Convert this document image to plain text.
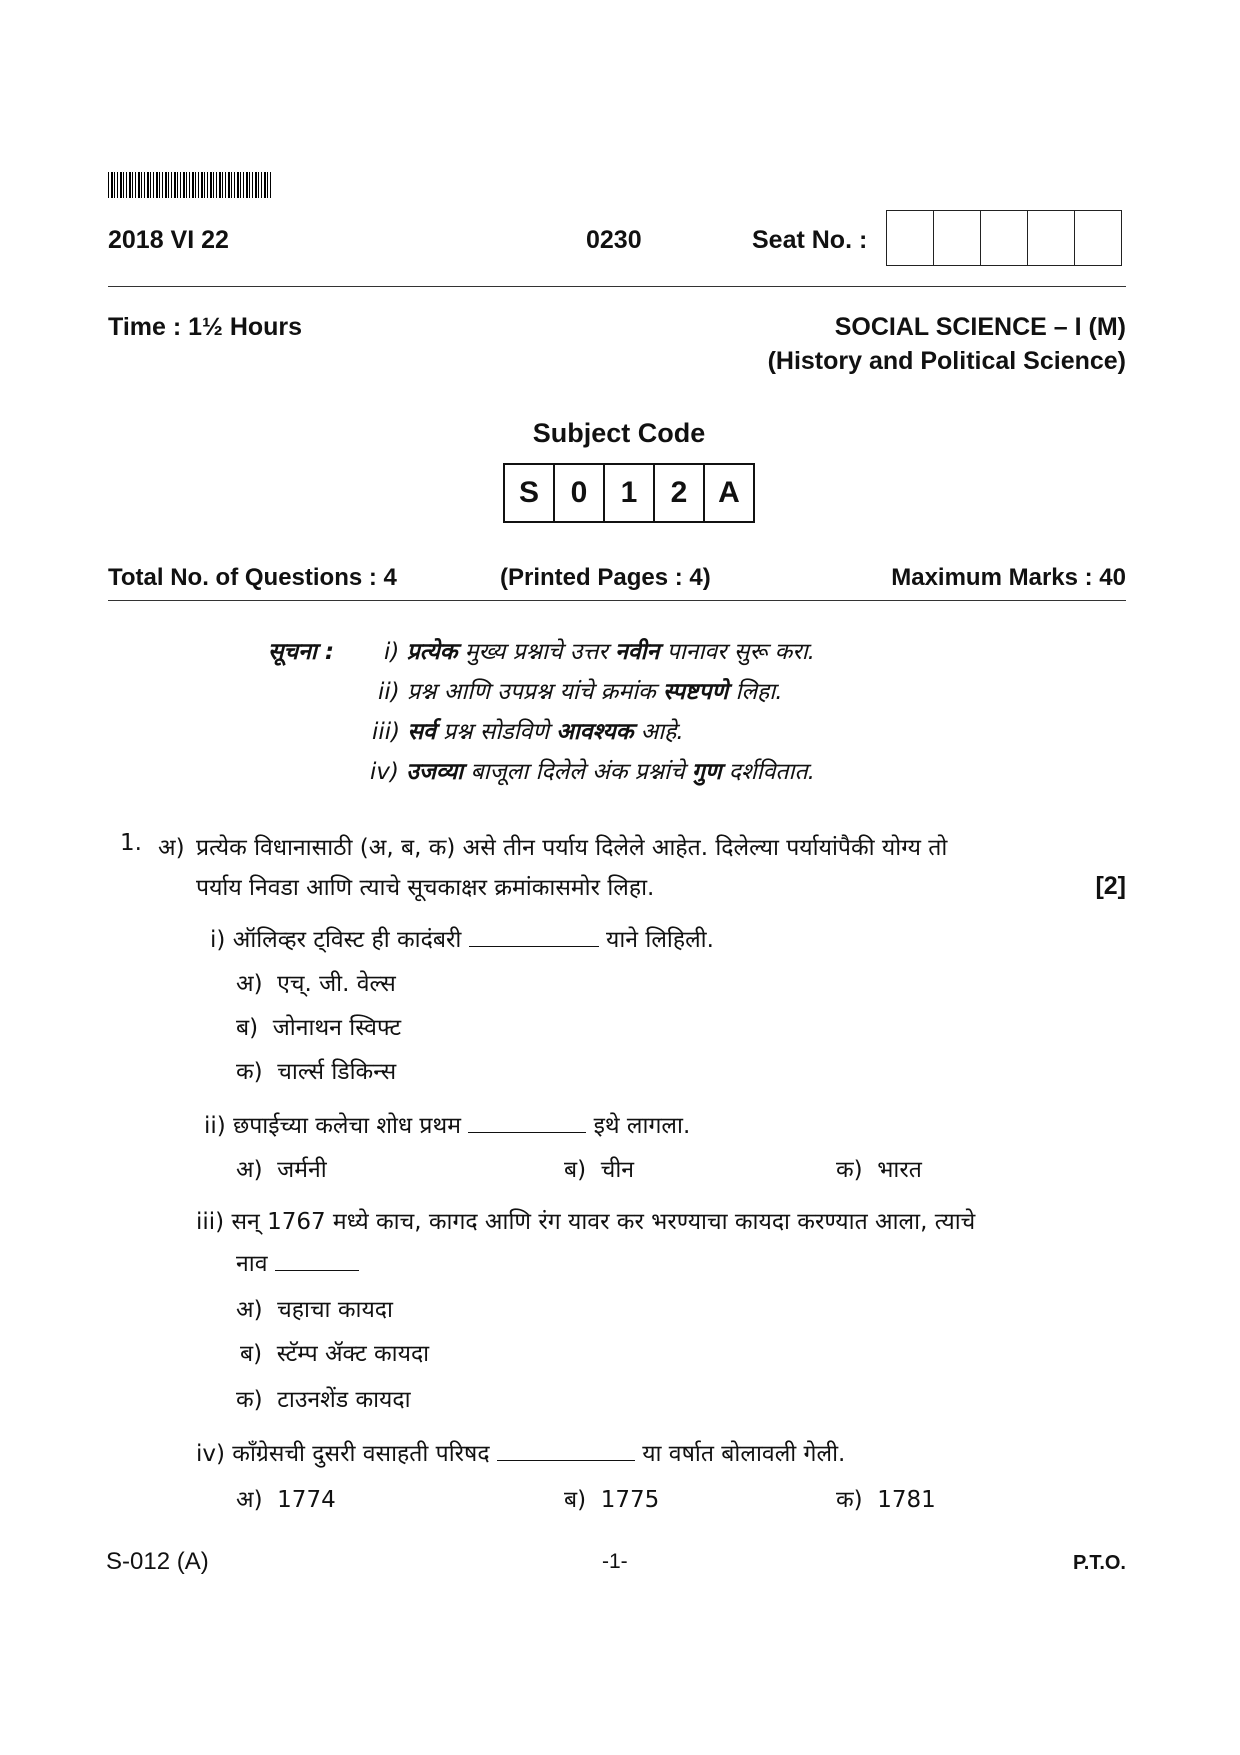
2018 VI 22	0230	Seat No. :
Time : 1½ Hours	SOCIAL SCIENCE – I (M)
(History and Political Science)
Subject Code
S	0	1	2	A
Total No. of Questions : 4	(Printed Pages : 4)	Maximum Marks : 40
सूचना : i) प्रत्येक मुख्य प्रश्नाचे उत्तर नवीन पानावर सुरू करा.
ii) प्रश्न आणि उपप्रश्न यांचे क्रमांक स्पष्टपणे लिहा.
iii) सर्व प्रश्न सोडविणे आवश्यक आहे.
iv) उजव्या बाजूला दिलेले अंक प्रश्नांचे गुण दर्शवितात.
1. अ) प्रत्येक विधानासाठी (अ, ब, क) असे तीन पर्याय दिलेले आहेत. दिलेल्या पर्यायांपैकी योग्य तो
पर्याय निवडा आणि त्याचे सूचकाक्षर क्रमांकासमोर लिहा.	[2]
i) ऑलिव्हर ट्विस्ट ही कादंबरी	याने लिहिली.
अ) एच्. जी. वेल्स
ब) जोनाथन स्विफ्ट
क) चार्ल्स डिकिन्स
ii) छपाईच्या कलेचा शोध प्रथम	इथे लागला.
अ) जर्मनी	ब) चीन	क) भारत
iii) सन् 1767 मध्ये काच, कागद आणि रंग यावर कर भरण्याचा कायदा करण्यात आला, त्याचे
नाव
अ) चहाचा कायदा
ब) स्टॅम्प ॲक्ट कायदा
क) टाउनशेंड कायदा
iv) काँग्रेसची दुसरी वसाहती परिषद	या वर्षात बोलावली गेली.
अ) 1774	ब) 1775	क) 1781
S-012 (A)	-1-	P.T.O.
